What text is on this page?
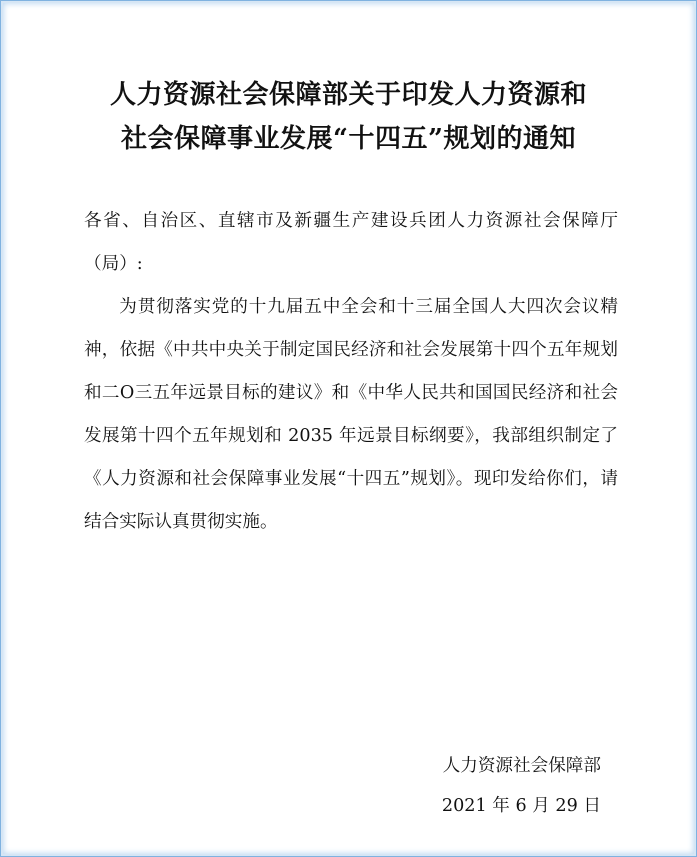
人力资源社会保障部关于印发人力资源和
社会保障事业发展“十四五”规划的通知

各省、自治区、直辖市及新疆生产建设兵团人力资源社会保障厅（局）:

为贯彻落实党的十九届五中全会和十三届全国人大四次会议精神，依据《中共中央关于制定国民经济和社会发展第十四个五年规划和二O三五年远景目标的建议》和《中华人民共和国国民经济和社会发展第十四个五年规划和 2035 年远景目标纲要》，我部组织制定了《人力资源和社会保障事业发展“十四五”规划》。现印发给你们，请结合实际认真贯彻实施。

人力资源社会保障部
2021 年 6 月 29 日
